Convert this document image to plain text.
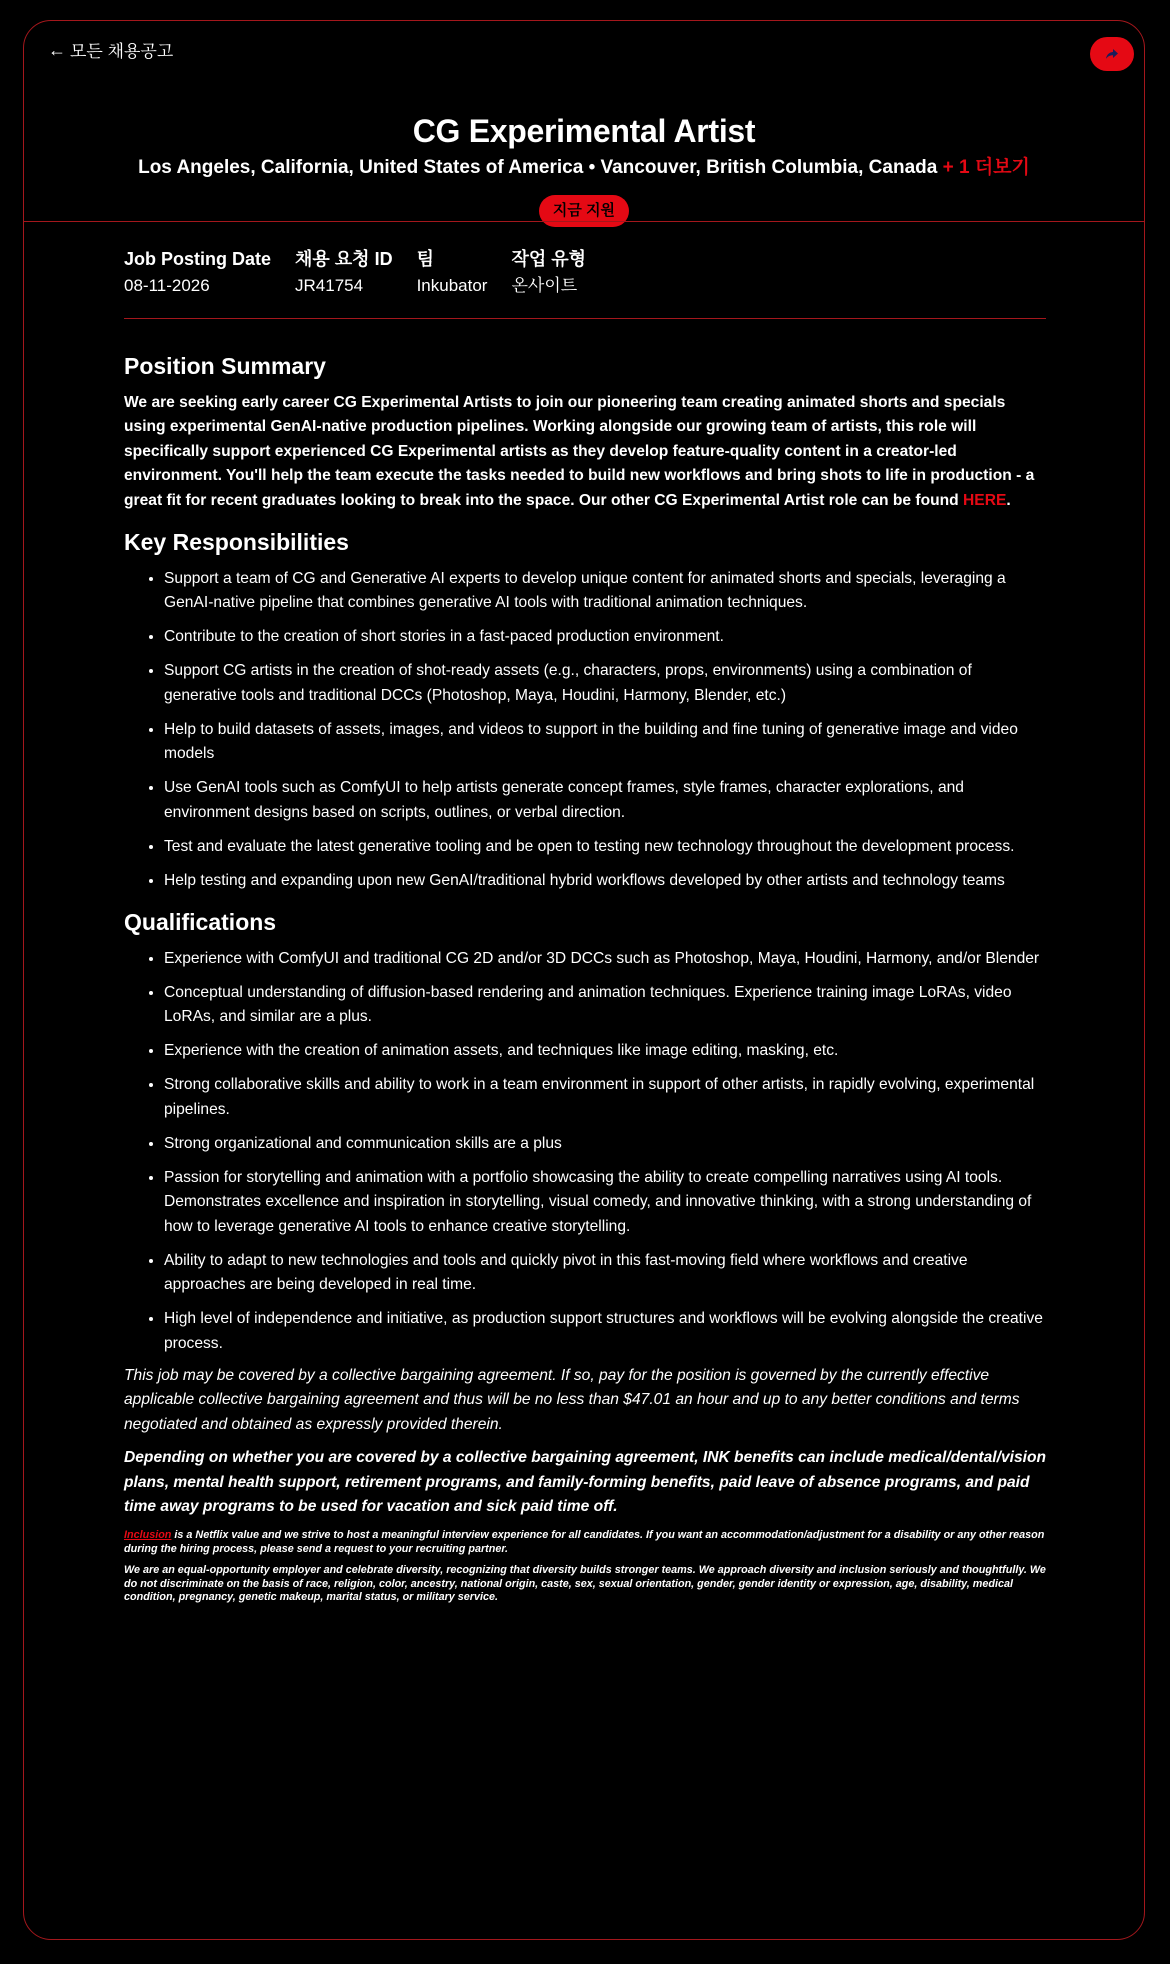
← 모든 채용공고
CG Experimental Artist
Los Angeles, California, United States of America • Vancouver, British Columbia, Canada + 1 더보기
지금 지원
Job Posting Date
08-11-2026
채용 요청 ID
JR41754
팀
Inkubator
작업 유형
온사이트
Position Summary

We are seeking early career CG Experimental Artists to join our pioneering team creating animated shorts and specials using experimental GenAI-native production pipelines. Working alongside our growing team of artists, this role will specifically support experienced CG Experimental artists as they develop feature-quality content in a creator-led environment. You'll help the team execute the tasks needed to build new workflows and bring shots to life in production - a great fit for recent graduates looking to break into the space. Our other CG Experimental Artist role can be found HERE.

Key Responsibilities
• Support a team of CG and Generative AI experts to develop unique content for animated shorts and specials, leveraging a GenAI-native pipeline that combines generative AI tools with traditional animation techniques.
• Contribute to the creation of short stories in a fast-paced production environment.
• Support CG artists in the creation of shot-ready assets (e.g., characters, props, environments) using a combination of generative tools and traditional DCCs (Photoshop, Maya, Houdini, Harmony, Blender, etc.)
• Help to build datasets of assets, images, and videos to support in the building and fine tuning of generative image and video models
• Use GenAI tools such as ComfyUI to help artists generate concept frames, style frames, character explorations, and environment designs based on scripts, outlines, or verbal direction.
• Test and evaluate the latest generative tooling and be open to testing new technology throughout the development process.
• Help testing and expanding upon new GenAI/traditional hybrid workflows developed by other artists and technology teams
Qualifications
• Experience with ComfyUI and traditional CG 2D and/or 3D DCCs such as Photoshop, Maya, Houdini, Harmony, and/or Blender
• Conceptual understanding of diffusion-based rendering and animation techniques. Experience training image LoRAs, video LoRAs, and similar are a plus.
• Experience with the creation of animation assets, and techniques like image editing, masking, etc.
• Strong collaborative skills and ability to work in a team environment in support of other artists, in rapidly evolving, experimental pipelines.
• Strong organizational and communication skills are a plus
• Passion for storytelling and animation with a portfolio showcasing the ability to create compelling narratives using AI tools. Demonstrates excellence and inspiration in storytelling, visual comedy, and innovative thinking, with a strong understanding of how to leverage generative AI tools to enhance creative storytelling.
• Ability to adapt to new technologies and tools and quickly pivot in this fast-moving field where workflows and creative approaches are being developed in real time.
• High level of independence and initiative, as production support structures and workflows will be evolving alongside the creative process.

This job may be covered by a collective bargaining agreement. If so, pay for the position is governed by the currently effective applicable collective bargaining agreement and thus will be no less than $47.01 an hour and up to any better conditions and terms negotiated and obtained as expressly provided therein.

Depending on whether you are covered by a collective bargaining agreement, INK benefits can include medical/dental/vision plans, mental health support, retirement programs, and family-forming benefits, paid leave of absence programs, and paid time away programs to be used for vacation and sick paid time off.

Inclusion is a Netflix value and we strive to host a meaningful interview experience for all candidates. If you want an accommodation/adjustment for a disability or any other reason during the hiring process, please send a request to your recruiting partner.

We are an equal-opportunity employer and celebrate diversity, recognizing that diversity builds stronger teams. We approach diversity and inclusion seriously and thoughtfully. We do not discriminate on the basis of race, religion, color, ancestry, national origin, caste, sex, sexual orientation, gender, gender identity or expression, age, disability, medical condition, pregnancy, genetic makeup, marital status, or military service.
